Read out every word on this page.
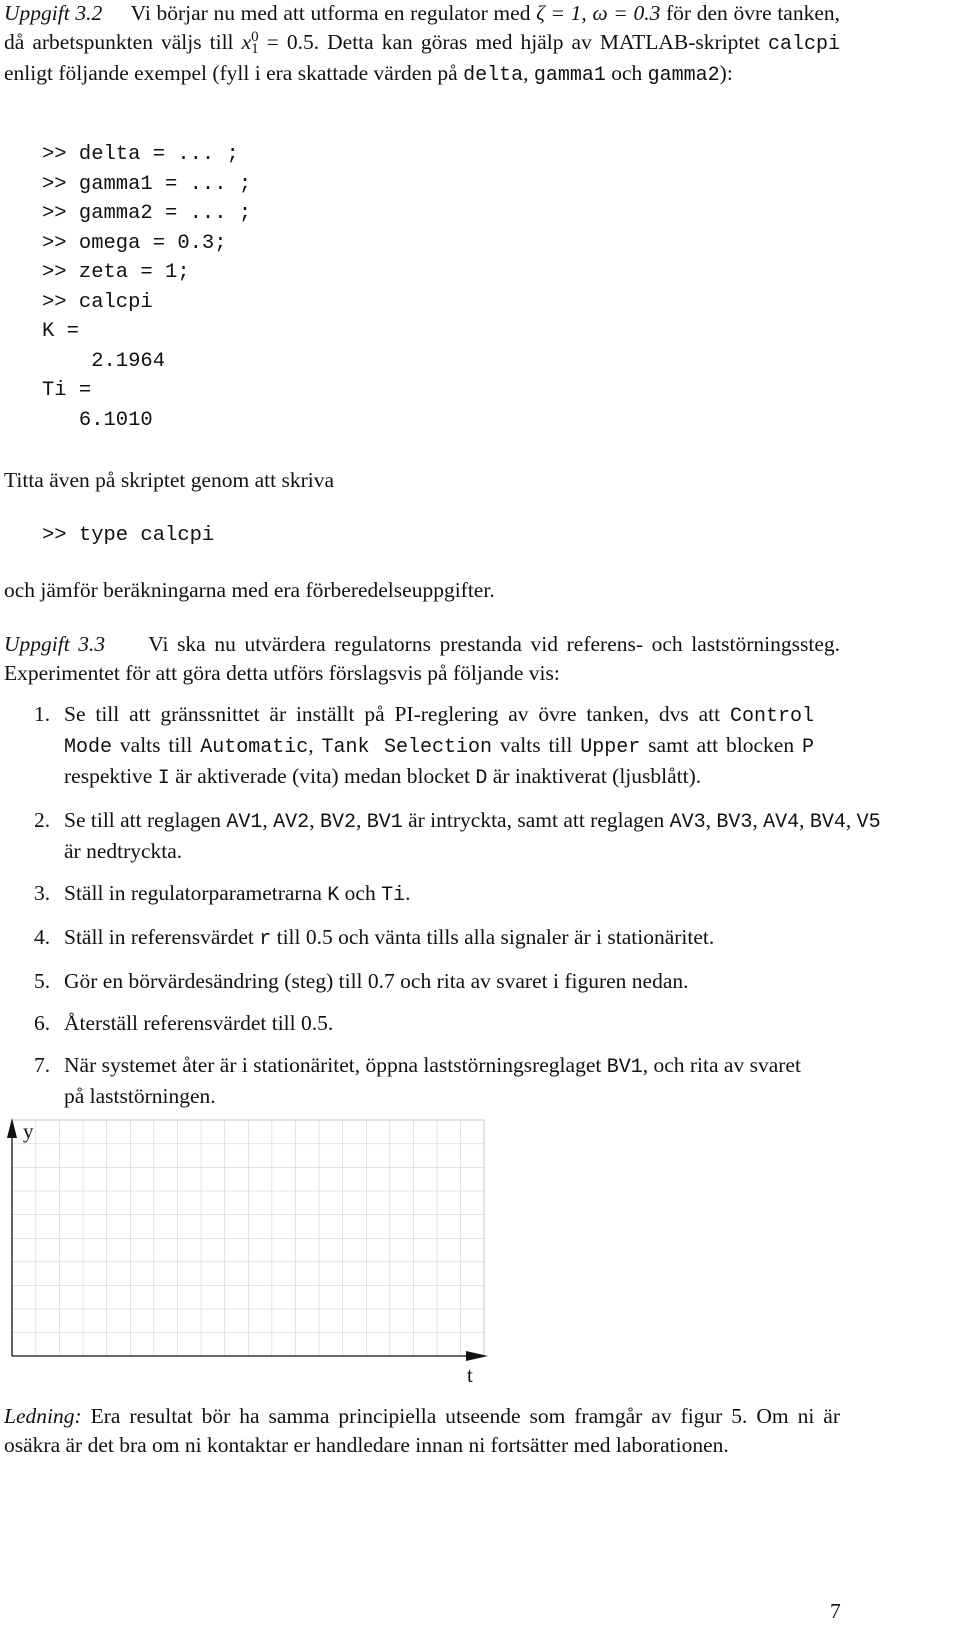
Uppgift 3.2 Vi börjar nu med att utforma en regulator med ζ = 1, ω = 0.3 för den övre tanken, då arbetspunkten väljs till x 0
1 = 0.5. Detta kan göras med hjälp av MATLAB-skriptet calcpi enligt följande exempel (fyll i era skattade värden på delta, gamma1 och gamma2):

>> delta = ... ;
>> gamma1 = ... ;
>> gamma2 = ... ;
>> omega = 0.3;
>> zeta = 1;
>> calcpi
K =
2.1964
Ti =
6.1010

Titta även på skriptet genom att skriva

>> type calcpi

och jämför beräkningarna med era förberedelseuppgifter.

Uppgift 3.3 Vi ska nu utvärdera regulatorns prestanda vid referens- och laststörningssteg. Experimentet för att göra detta utförs förslagsvis på följande vis:

1. Se till att gränssnittet är inställt på PI-reglering av övre tanken, dvs att Control Mode valts till Automatic, Tank Selection valts till Upper samt att blocken P respektive I är aktiverade (vita) medan blocket D är inaktiverat (ljusblått).
2. Se till att reglagen AV1, AV2, BV2, BV1 är intryckta, samt att reglagen AV3, BV3, AV4, BV4, V5
är nedtryckta.
3. Ställ in regulatorparametrarna K och Ti.
4. Ställ in referensvärdet r till 0.5 och vänta tills alla signaler är i stationäritet.
5. Gör en börvärdesändring (steg) till 0.7 och rita av svaret i figuren nedan.
6. Återställ referensvärdet till 0.5.
7. När systemet åter är i stationäritet, öppna laststörningsreglaget BV1, och rita av svaret på laststörningen.
y
t

Ledning: Era resultat bör ha samma principiella utseende som framgår av figur 5. Om ni är osäkra är det bra om ni kontaktar er handledare innan ni fortsätter med laborationen.

7
